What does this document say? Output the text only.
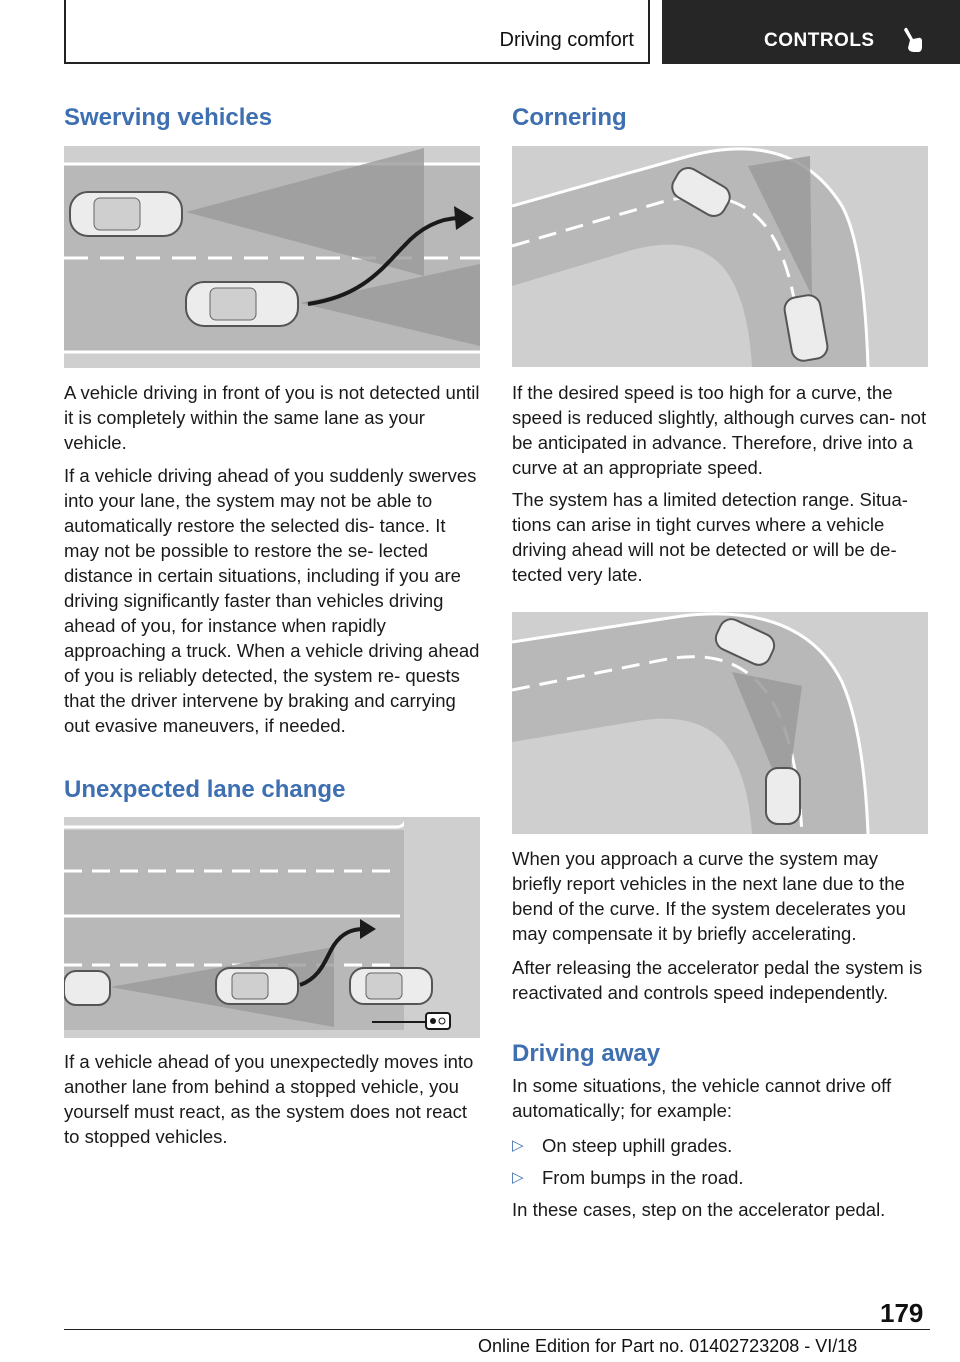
Driving comfort	CONTROLS
Swerving vehicles

A vehicle driving in front of you is not detected until it is completely within the same lane as your vehicle.

If a vehicle driving ahead of you suddenly swerves into your lane, the system may not be able to automatically restore the selected dis- tance. It may not be possible to restore the se- lected distance in certain situations, including if you are driving significantly faster than vehicles driving ahead of you, for instance when rapidly approaching a truck. When a vehicle driving ahead of you is reliably detected, the system re- quests that the driver intervene by braking and carrying out evasive maneuvers, if needed.

Unexpected lane change

If a vehicle ahead of you unexpectedly moves into another lane from behind a stopped vehicle, you yourself must react, as the system does not react to stopped vehicles.

Cornering

If the desired speed is too high for a curve, the speed is reduced slightly, although curves can- not be anticipated in advance. Therefore, drive into a curve at an appropriate speed.

The system has a limited detection range. Situa- tions can arise in tight curves where a vehicle driving ahead will not be detected or will be de- tected very late.

When you approach a curve the system may briefly report vehicles in the next lane due to the bend of the curve. If the system decelerates you may compensate it by briefly accelerating.

After releasing the accelerator pedal the system is reactivated and controls speed independently.

Driving away

In some situations, the vehicle cannot drive off automatically; for example:

▷ On steep uphill grades.
▷ From bumps in the road.

In these cases, step on the accelerator pedal.

179
Online Edition for Part no. 01402723208 - VI/18
